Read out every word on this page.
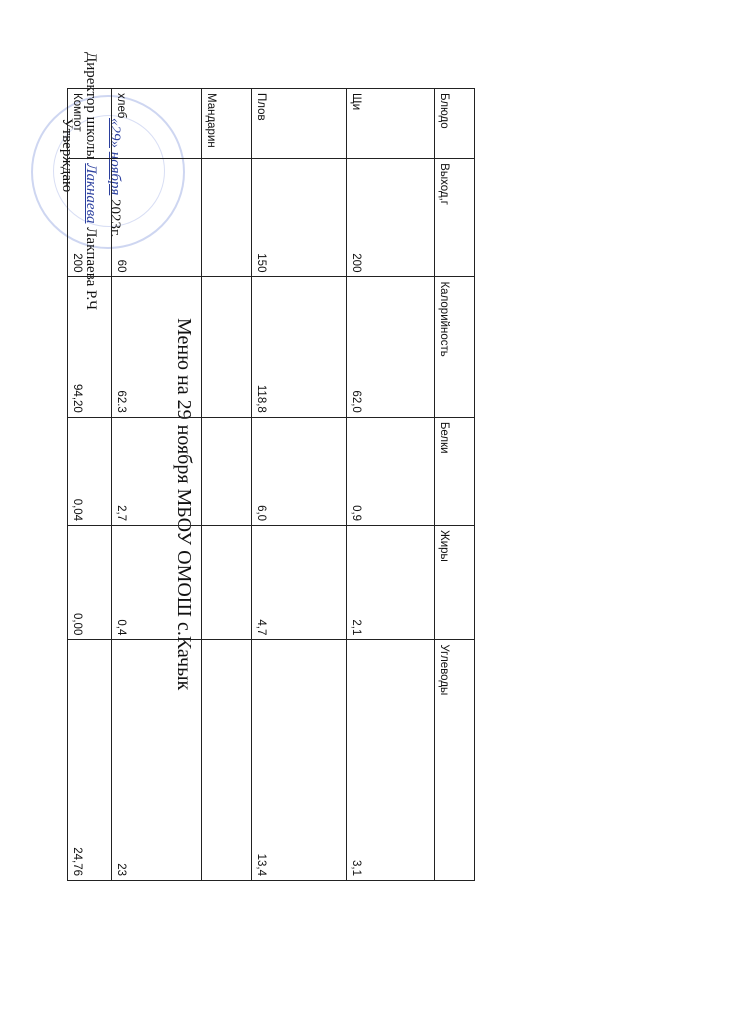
Утверждаю Директор школы Лакнаева Лакпаева Р.Ч
«29» ноября 2023г.
Меню на 29 ноября МБОУ ОМОШ с.Качык
Блюдо	Выход,г	Калорийность	Белки	Жиры	Углеводы
Щи	200	62,0	0,9	2,1	3,1
Плов	150	118,8	6,0	4,7	13,4
Мандарин					
хлеб	60	62.3	2,7	0,4	23
Компот	200	94,20	0,04	0,00	24,76
